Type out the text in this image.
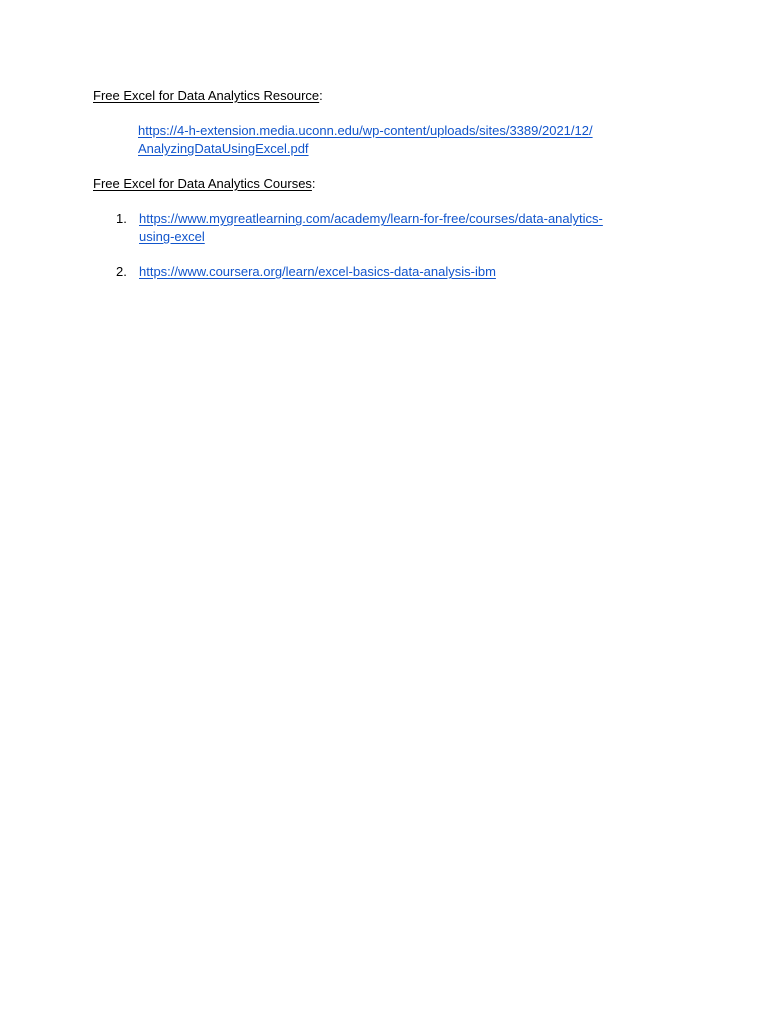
Free Excel for Data Analytics Resource:
https://4-h-extension.media.uconn.edu/wp-content/uploads/sites/3389/2021/12/
AnalyzingDataUsingExcel.pdf
Free Excel for Data Analytics Courses:
1. https://www.mygreatlearning.com/academy/learn-for-free/courses/data-analytics-
using-excel
2. https://www.coursera.org/learn/excel-basics-data-analysis-ibm
